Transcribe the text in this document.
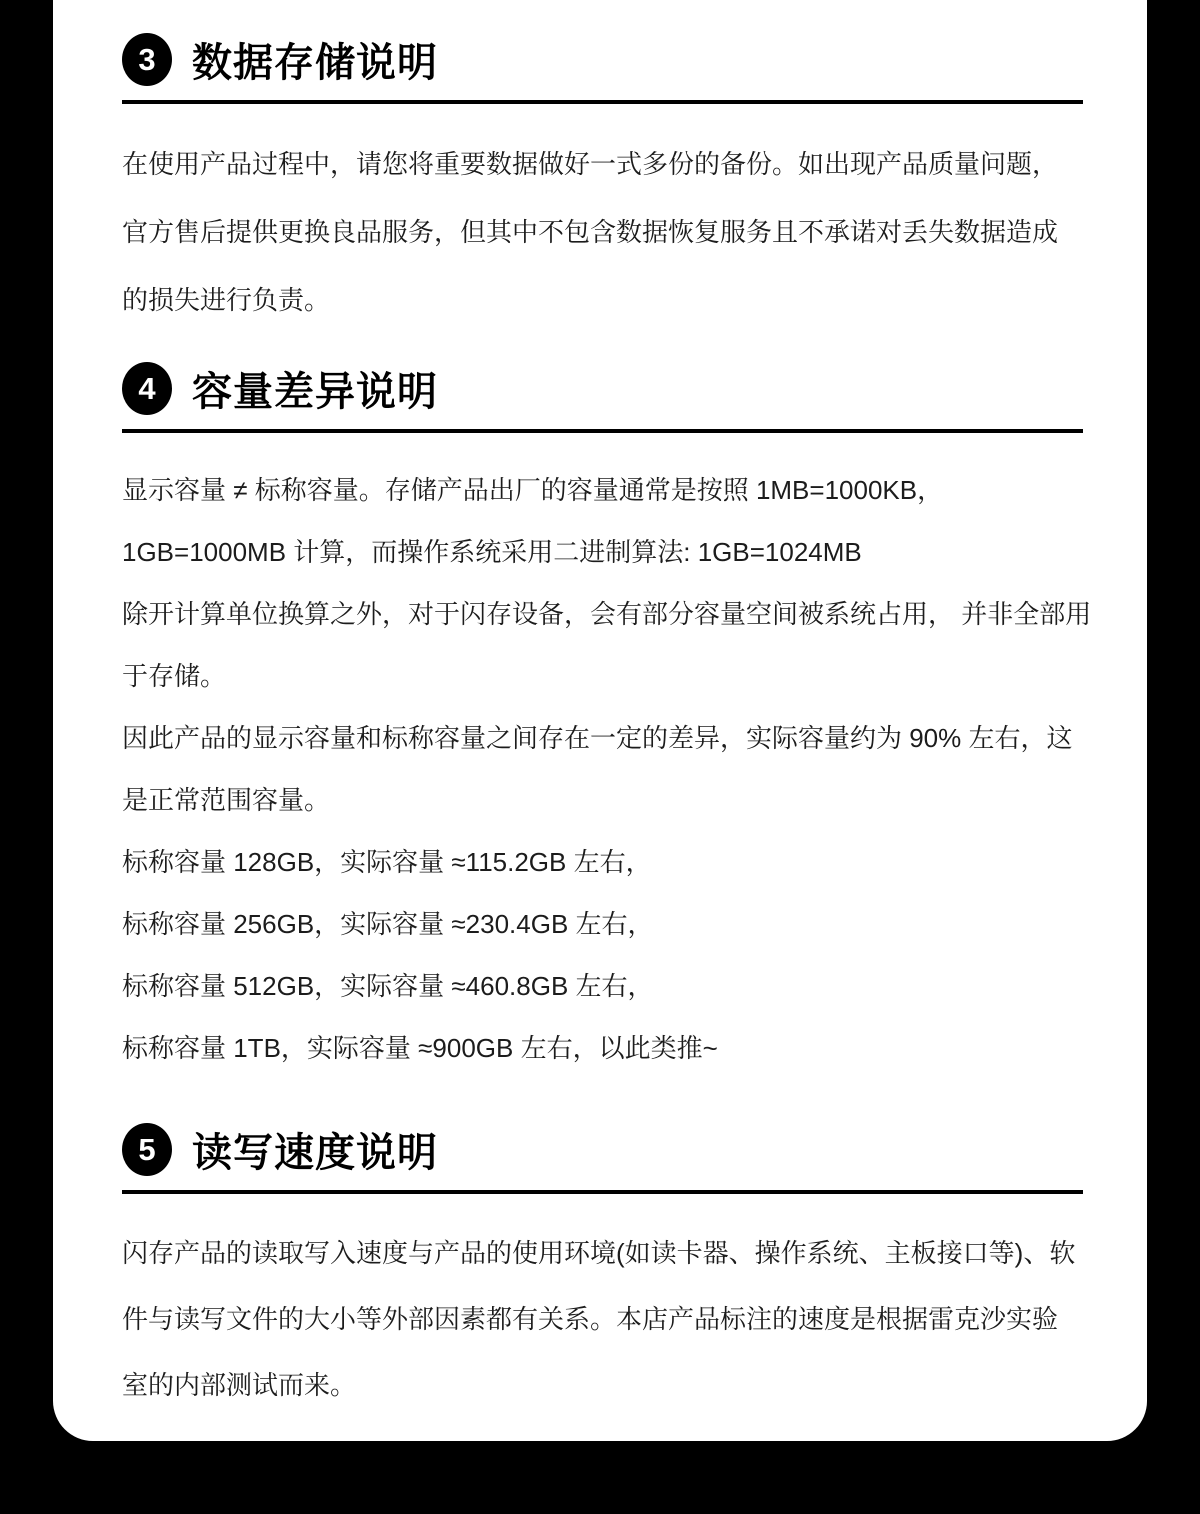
3 数据存储说明
在使用产品过程中，请您将重要数据做好一式多份的备份。如出现产品质量问题，
官方售后提供更换良品服务，但其中不包含数据恢复服务且不承诺对丢失数据造成
的损失进行负责。
4 容量差异说明
显示容量 ≠ 标称容量。存储产品出厂的容量通常是按照 1MB=1000KB，
1GB=1000MB 计算，而操作系统采用二进制算法: 1GB=1024MB
除开计算单位换算之外，对于闪存设备，会有部分容量空间被系统占用， 并非全部用
于存储。
因此产品的显示容量和标称容量之间存在一定的差异，实际容量约为 90% 左右，这
是正常范围容量。
标称容量 128GB，实际容量 ≈115.2GB 左右，
标称容量 256GB，实际容量 ≈230.4GB 左右，
标称容量 512GB，实际容量 ≈460.8GB 左右，
标称容量 1TB，实际容量 ≈900GB 左右，以此类推~
5 读写速度说明
闪存产品的读取写入速度与产品的使用环境(如读卡器、操作系统、主板接口等)、软
件与读写文件的大小等外部因素都有关系。本店产品标注的速度是根据雷克沙实验
室的内部测试而来。
